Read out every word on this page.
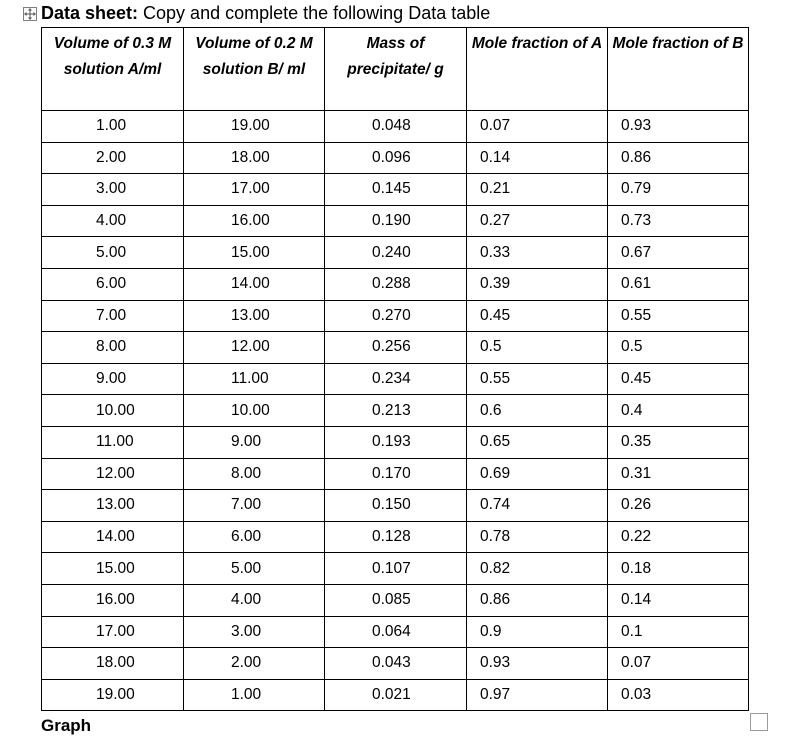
Data sheet: Copy and complete the following Data table
Volume of 0.3 M solution A/ml	Volume of 0.2 M solution B/ ml	Mass of precipitate/ g	Mole fraction of A	Mole fraction of B
1.00	19.00	0.048	0.07	0.93
2.00	18.00	0.096	0.14	0.86
3.00	17.00	0.145	0.21	0.79
4.00	16.00	0.190	0.27	0.73
5.00	15.00	0.240	0.33	0.67
6.00	14.00	0.288	0.39	0.61
7.00	13.00	0.270	0.45	0.55
8.00	12.00	0.256	0.5	0.5
9.00	11.00	0.234	0.55	0.45
10.00	10.00	0.213	0.6	0.4
11.00	9.00	0.193	0.65	0.35
12.00	8.00	0.170	0.69	0.31
13.00	7.00	0.150	0.74	0.26
14.00	6.00	0.128	0.78	0.22
15.00	5.00	0.107	0.82	0.18
16.00	4.00	0.085	0.86	0.14
17.00	3.00	0.064	0.9	0.1
18.00	2.00	0.043	0.93	0.07
19.00	1.00	0.021	0.97	0.03
Graph
